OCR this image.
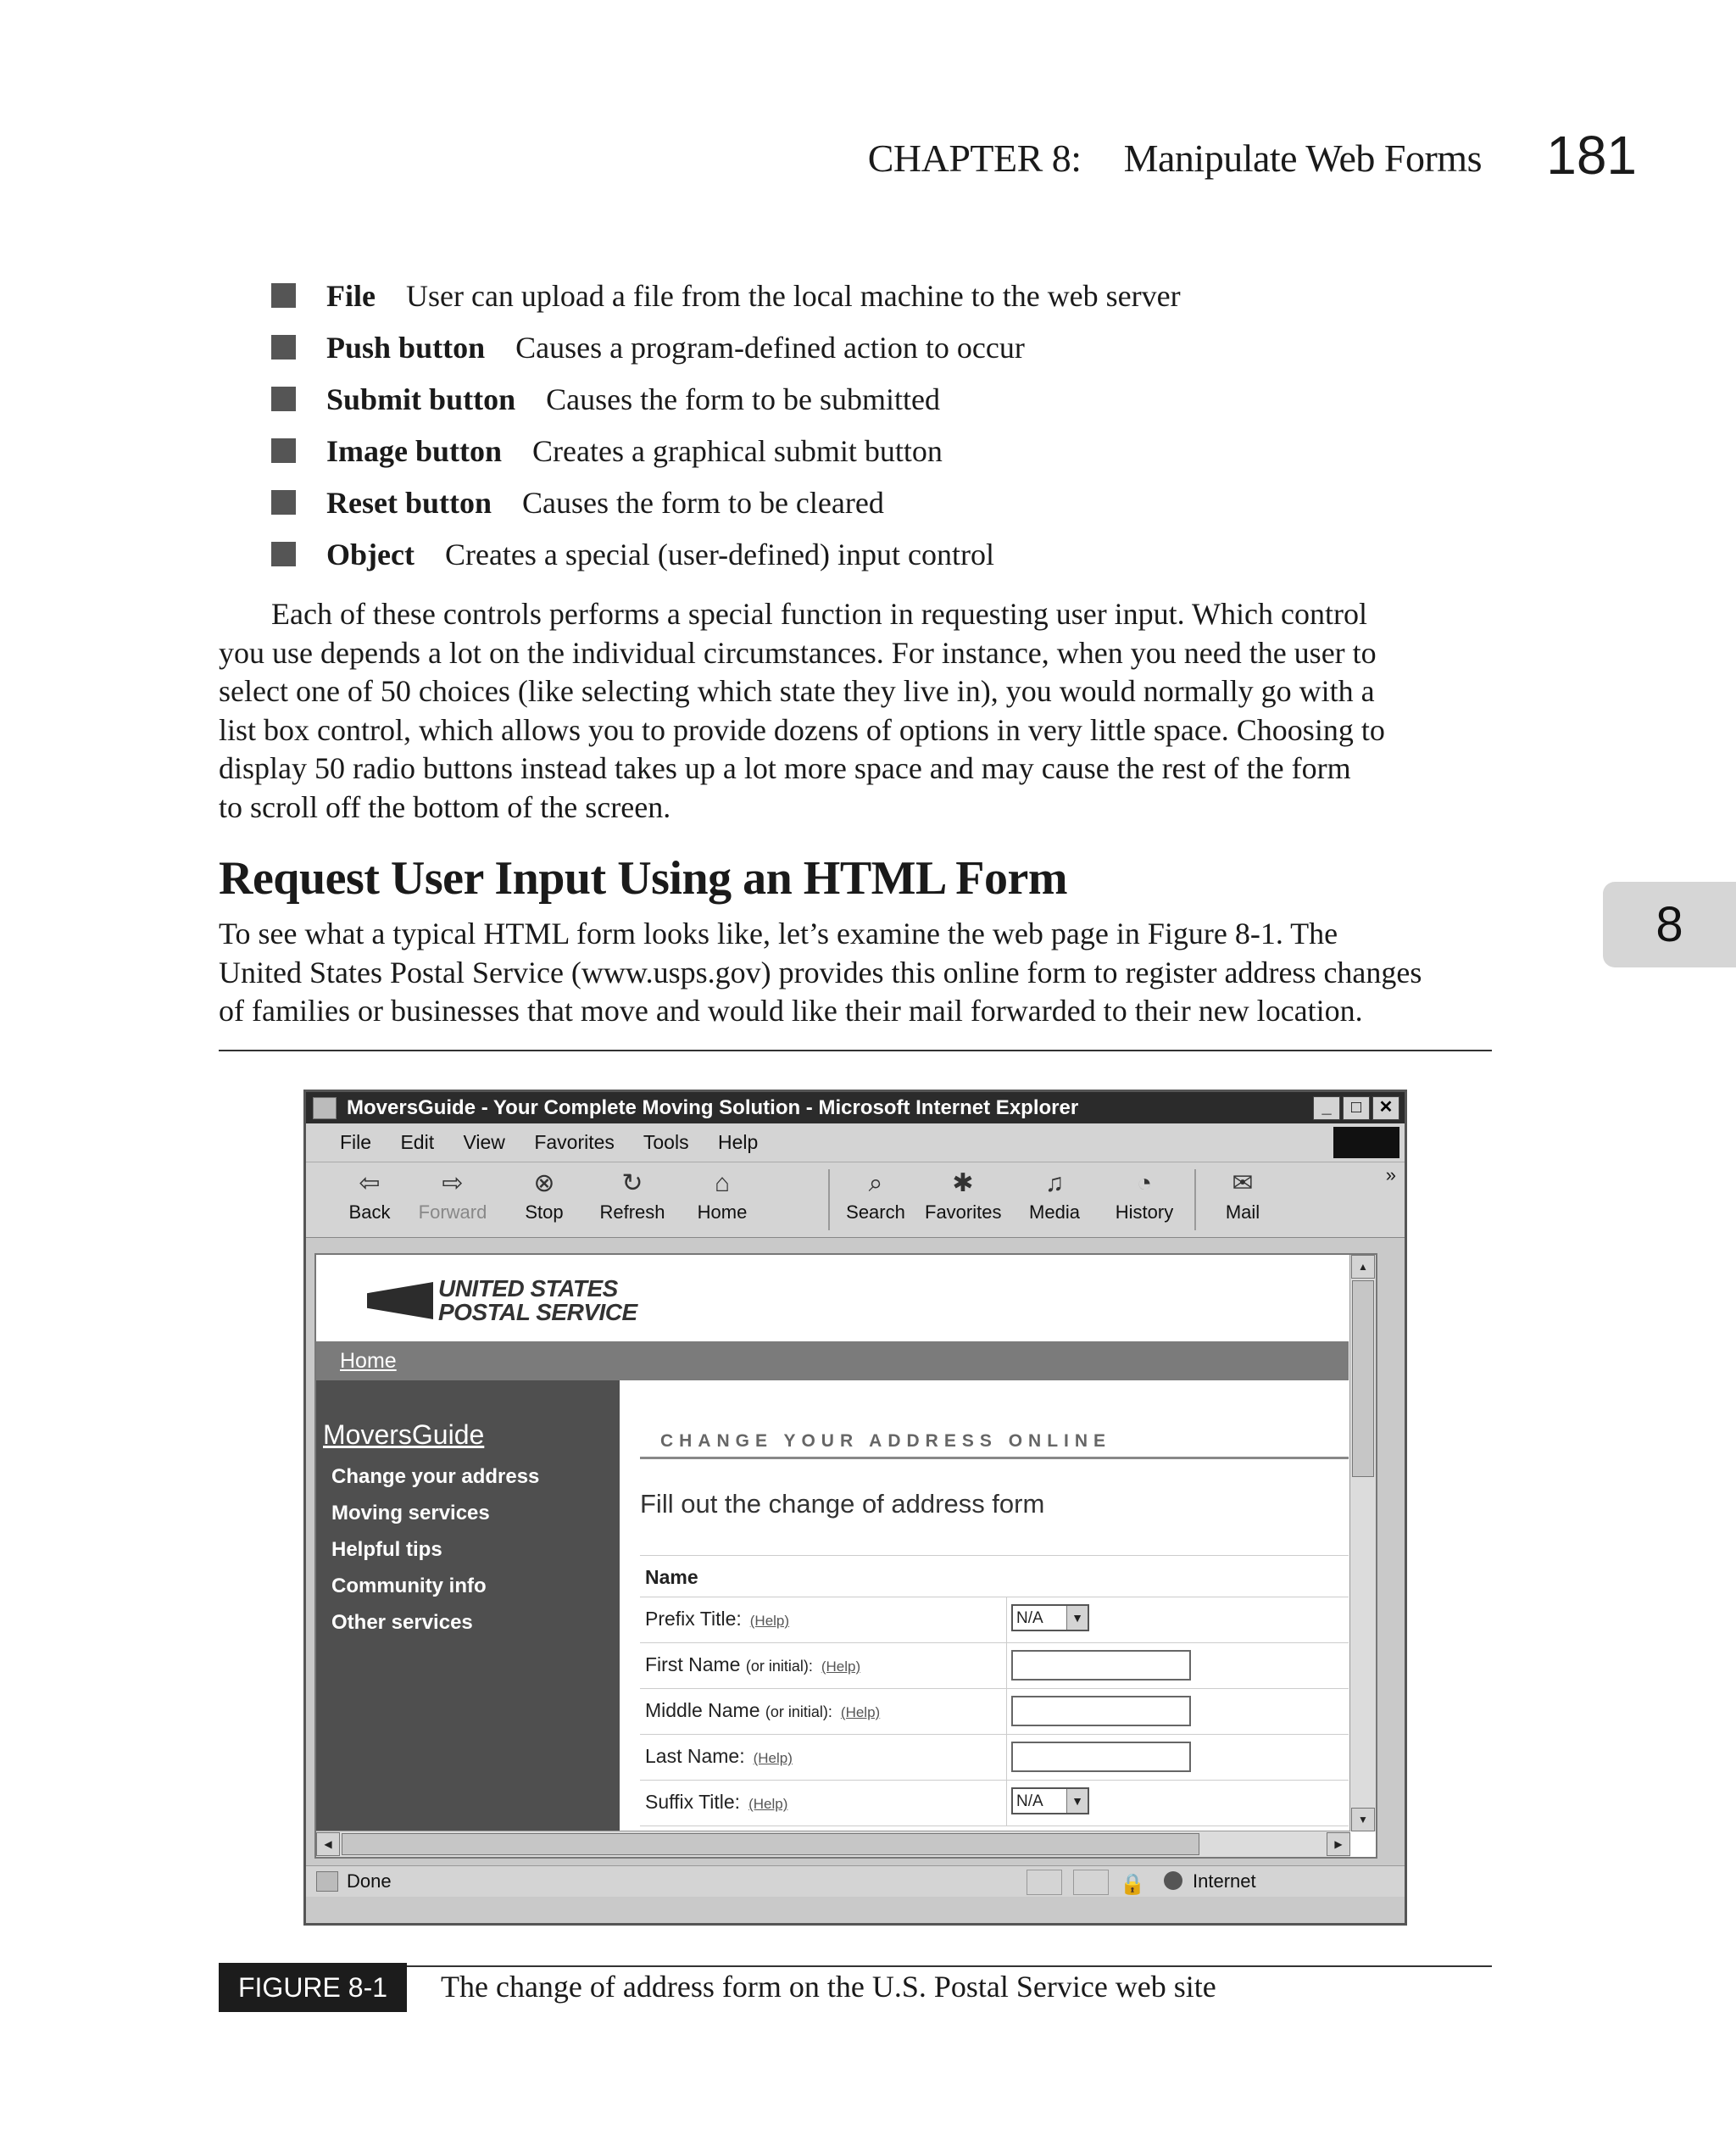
CHAPTER 8: Manipulate Web Forms 181
File User can upload a file from the local machine to the web server
Push button Causes a program-defined action to occur
Submit button Causes the form to be submitted
Image button Creates a graphical submit button
Reset button Causes the form to be cleared
Object Creates a special (user-defined) input control
Each of these controls performs a special function in requesting user input. Which control
you use depends a lot on the individual circumstances. For instance, when you need the user to
select one of 50 choices (like selecting which state they live in), you would normally go with a
list box control, which allows you to provide dozens of options in very little space. Choosing to
display 50 radio buttons instead takes up a lot more space and may cause the rest of the form
to scroll off the bottom of the screen.
Request User Input Using an HTML Form
To see what a typical HTML form looks like, let’s examine the web page in Figure 8-1. The
United States Postal Service (www.usps.gov) provides this online form to register address changes
of families or businesses that move and would like their mail forwarded to their new location.
8
MoversGuide - Your Complete Moving Solution - Microsoft Internet Explorer	_	□	✕
File Edit View Favorites Tools Help
⇦
Back
⇨
Forward
⊗
Stop
↻
Refresh
⌂
Home
⌕
Search
✱
Favorites
♫
Media
◔
History
✉
Mail
»
UNITED STATES
POSTAL SERVICE
Home
MoversGuide
Change your address
Moving services
Helpful tips
Community info
Other services
CHANGE YOUR ADDRESS ONLINE
Fill out the change of address form
Name
Prefix Title: (Help)	N/A	▼
First Name (or initial): (Help)
Middle Name (or initial): (Help)
Last Name: (Help)
Suffix Title: (Help)	N/A	▼
▲
▼
◀	▶
Done	🔒	Internet
FIGURE 8-1	The change of address form on the U.S. Postal Service web site
